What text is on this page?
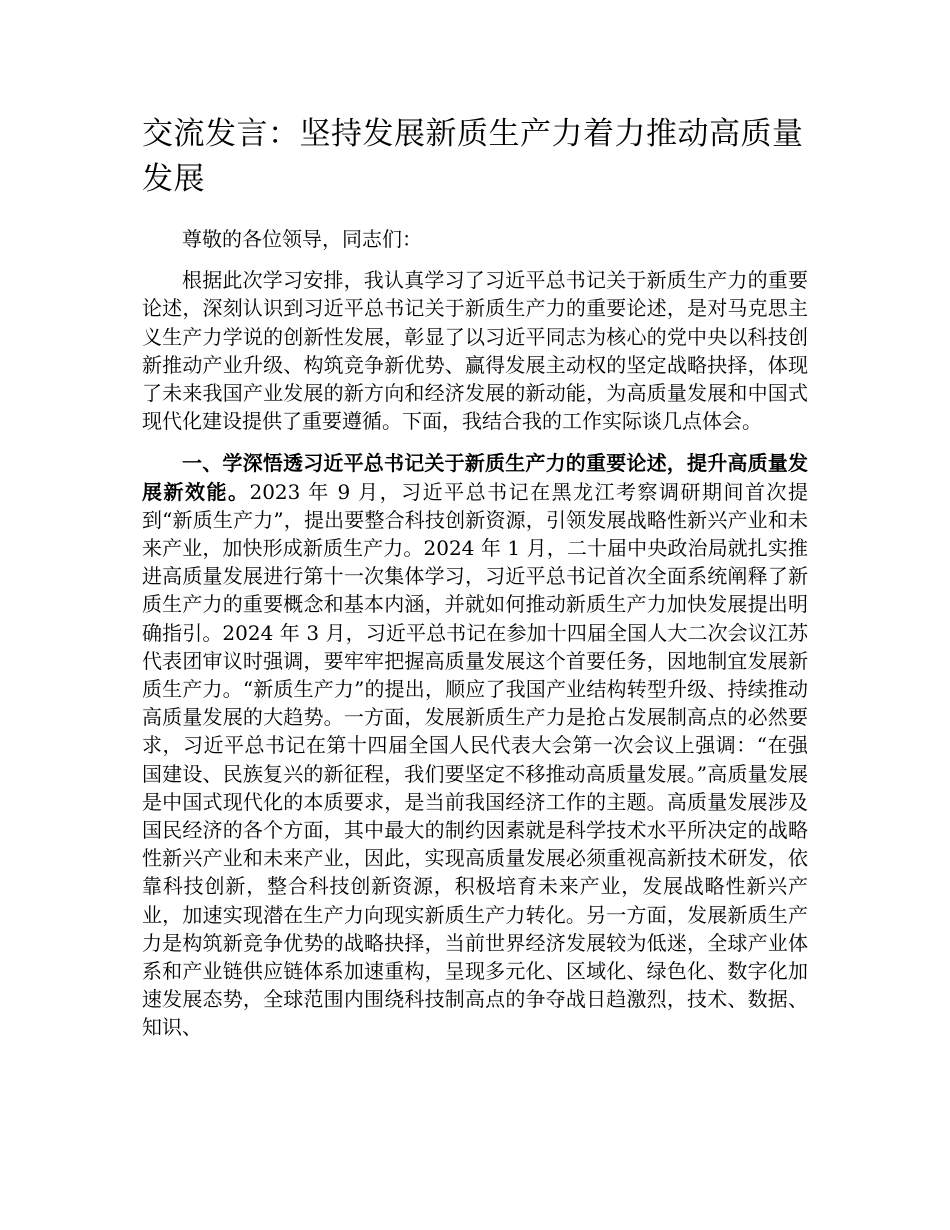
交流发言：坚持发展新质生产力着力推动高质量发展

尊敬的各位领导，同志们：

根据此次学习安排，我认真学习了习近平总书记关于新质生产力的重要论述，深刻认识到习近平总书记关于新质生产力的重要论述，是对马克思主义生产力学说的创新性发展，彰显了以习近平同志为核心的党中央以科技创新推动产业升级、构筑竞争新优势、赢得发展主动权的坚定战略抉择，体现了未来我国产业发展的新方向和经济发展的新动能，为高质量发展和中国式现代化建设提供了重要遵循。下面，我结合我的工作实际谈几点体会。

一、学深悟透习近平总书记关于新质生产力的重要论述，提升高质量发展新效能。2023 年 9 月，习近平总书记在黑龙江考察调研期间首次提到“新质生产力”，提出要整合科技创新资源，引领发展战略性新兴产业和未来产业，加快形成新质生产力。2024 年 1 月，二十届中央政治局就扎实推进高质量发展进行第十一次集体学习，习近平总书记首次全面系统阐释了新质生产力的重要概念和基本内涵，并就如何推动新质生产力加快发展提出明确指引。2024 年 3 月，习近平总书记在参加十四届全国人大二次会议江苏代表团审议时强调，要牢牢把握高质量发展这个首要任务，因地制宜发展新质生产力。“新质生产力”的提出，顺应了我国产业结构转型升级、持续推动高质量发展的大趋势。一方面，发展新质生产力是抢占发展制高点的必然要求，习近平总书记在第十四届全国人民代表大会第一次会议上强调：“在强国建设、民族复兴的新征程，我们要坚定不移推动高质量发展。”高质量发展是中国式现代化的本质要求，是当前我国经济工作的主题。高质量发展涉及国民经济的各个方面，其中最大的制约因素就是科学技术水平所决定的战略性新兴产业和未来产业，因此，实现高质量发展必须重视高新技术研发，依靠科技创新，整合科技创新资源，积极培育未来产业，发展战略性新兴产业，加速实现潜在生产力向现实新质生产力转化。另一方面，发展新质生产力是构筑新竞争优势的战略抉择，当前世界经济发展较为低迷，全球产业体系和产业链供应链体系加速重构，呈现多元化、区域化、绿色化、数字化加速发展态势，全球范围内围绕科技制高点的争夺战日趋激烈，技术、数据、知识、
